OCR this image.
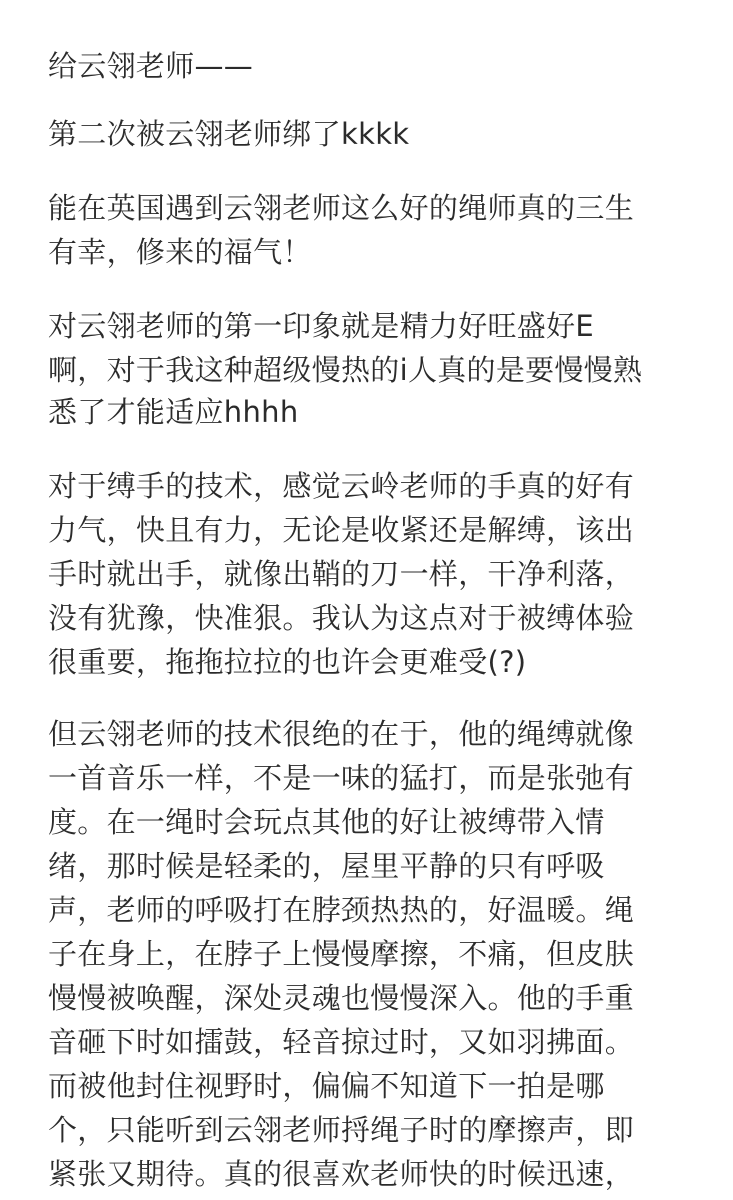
给云翎老师——
第二次被云翎老师绑了kkkk
能在英国遇到云翎老师这么好的绳师真的三生
有幸，修来的福气！
对云翎老师的第一印象就是精力好旺盛好E
啊，对于我这种超级慢热的i人真的是要慢慢熟
悉了才能适应hhhh
对于缚手的技术，感觉云岭老师的手真的好有
力气，快且有力，无论是收紧还是解缚，该出
手时就出手，就像出鞘的刀一样，干净利落，
没有犹豫，快准狠。我认为这点对于被缚体验
很重要，拖拖拉拉的也许会更难受(?)
但云翎老师的技术很绝的在于，他的绳缚就像
一首音乐一样，不是一味的猛打，而是张弛有
度。在一绳时会玩点其他的好让被缚带入情
绪，那时候是轻柔的，屋里平静的只有呼吸
声，老师的呼吸打在脖颈热热的，好温暖。绳
子在身上，在脖子上慢慢摩擦，不痛，但皮肤
慢慢被唤醒，深处灵魂也慢慢深入。他的手重
音砸下时如擂鼓，轻音掠过时，又如羽拂面。
而被他封住视野时，偏偏不知道下一拍是哪
个，只能听到云翎老师捋绳子时的摩擦声，即
紧张又期待。真的很喜欢老师快的时候迅速，
